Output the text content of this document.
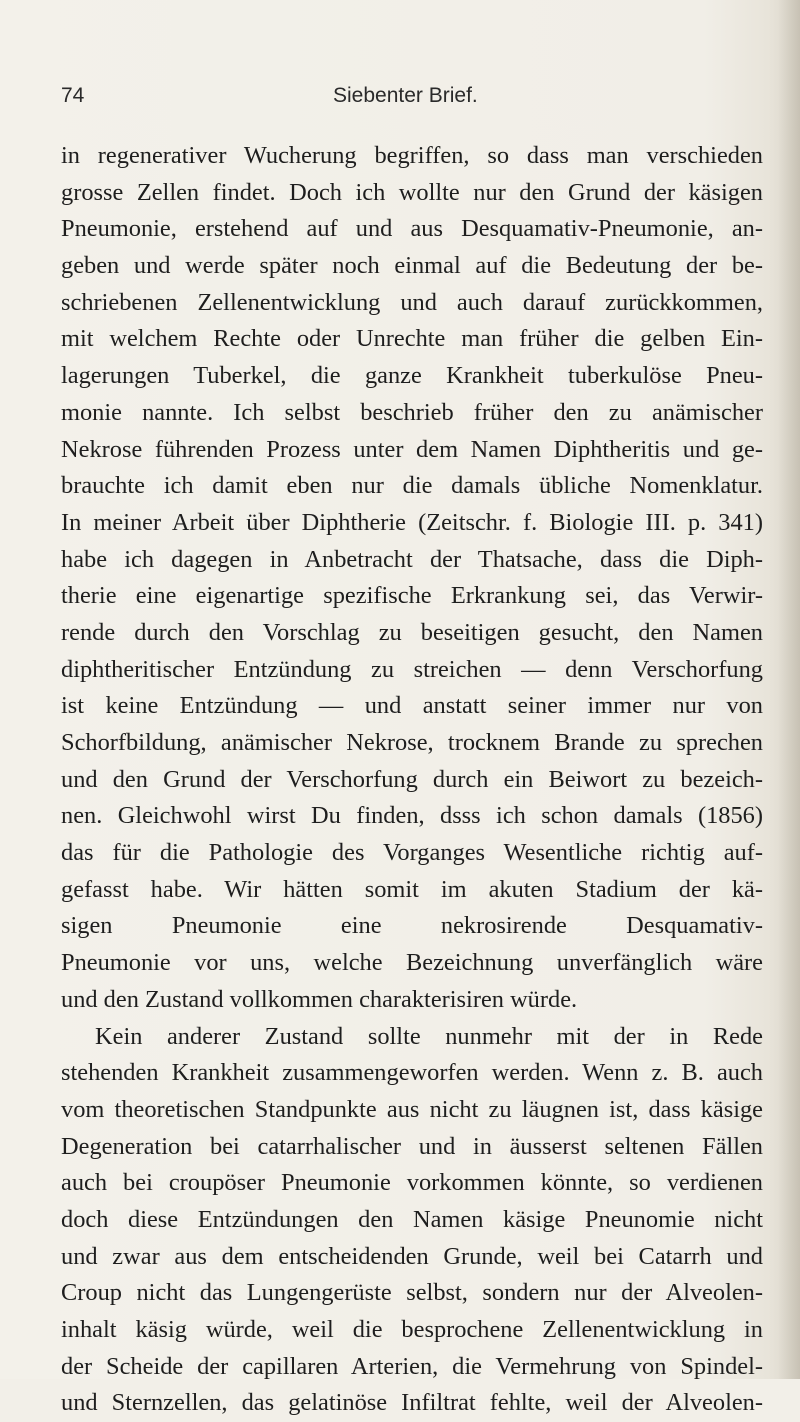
74	Siebenter Brief.
in regenerativer Wucherung begriffen, so dass man verschieden
grosse Zellen findet. Doch ich wollte nur den Grund der käsigen
Pneumonie, erstehend auf und aus Desquamativ-Pneumonie, an-
geben und werde später noch einmal auf die Bedeutung der be-
schriebenen Zellenentwicklung und auch darauf zurückkommen,
mit welchem Rechte oder Unrechte man früher die gelben Ein-
lagerungen Tuberkel, die ganze Krankheit tuberkulöse Pneu-
monie nannte. Ich selbst beschrieb früher den zu anämischer
Nekrose führenden Prozess unter dem Namen Diphtheritis und ge-
brauchte ich damit eben nur die damals übliche Nomenklatur.
In meiner Arbeit über Diphtherie (Zeitschr. f. Biologie III. p. 341)
habe ich dagegen in Anbetracht der Thatsache, dass die Diph-
therie eine eigenartige spezifische Erkrankung sei, das Verwir-
rende durch den Vorschlag zu beseitigen gesucht, den Namen
diphtheritischer Entzündung zu streichen — denn Verschorfung
ist keine Entzündung — und anstatt seiner immer nur von
Schorfbildung, anämischer Nekrose, trocknem Brande zu sprechen
und den Grund der Verschorfung durch ein Beiwort zu bezeich-
nen. Gleichwohl wirst Du finden, dsss ich schon damals (1856)
das für die Pathologie des Vorganges Wesentliche richtig auf-
gefasst habe. Wir hätten somit im akuten Stadium der kä-
sigen Pneumonie eine nekrosirende Desquamativ-
Pneumonie vor uns, welche Bezeichnung unverfänglich wäre
und den Zustand vollkommen charakterisiren würde.
Kein anderer Zustand sollte nunmehr mit der in Rede
stehenden Krankheit zusammengeworfen werden. Wenn z. B. auch
vom theoretischen Standpunkte aus nicht zu läugnen ist, dass käsige
Degeneration bei catarrhalischer und in äusserst seltenen Fällen
auch bei croupöser Pneumonie vorkommen könnte, so verdienen
doch diese Entzündungen den Namen käsige Pneunomie nicht
und zwar aus dem entscheidenden Grunde, weil bei Catarrh und
Croup nicht das Lungengerüste selbst, sondern nur der Alveolen-
inhalt käsig würde, weil die besprochene Zellenentwicklung in
der Scheide der capillaren Arterien, die Vermehrung von Spindel-
und Sternzellen, das gelatinöse Infiltrat fehlte, weil der Alveolen-
